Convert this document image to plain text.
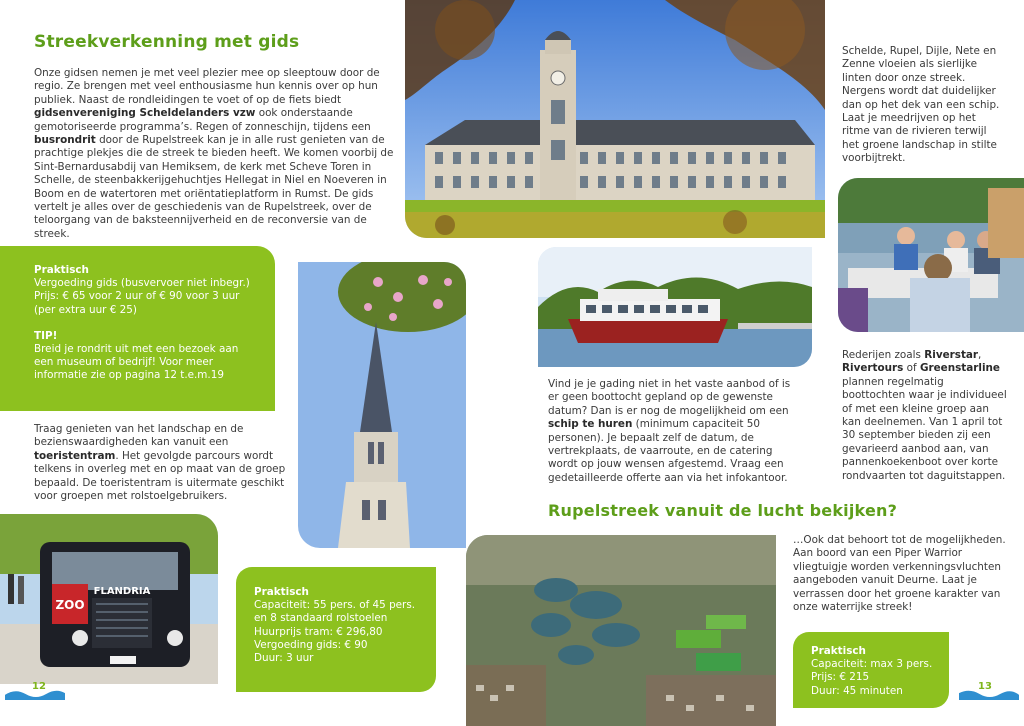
Streekverkenning met gids
Onze gidsen nemen je met veel plezier mee op sleeptouw door de regio. Ze brengen met veel enthousiasme hun kennis over op hun publiek. Naast de rondleidingen te voet of op de fiets biedt gidsenvereniging Scheldelanders vzw ook onderstaande gemotoriseerde programma’s. Regen of zonneschijn, tijdens een busrondrit door de Rupelstreek kan je in alle rust genieten van de prachtige plekjes die de streek te bieden heeft. We komen voorbij de Sint-Bernardusabdij van Hemiksem, de kerk met Scheve Toren in Schelle, de steenbakkerijgehuchtjes Hellegat in Niel en Noeveren in Boom en de watertoren met oriëntatieplatform in Rumst. De gids vertelt je alles over de geschiedenis van de Rupelstreek, over de teloorgang van de baksteennijverheid en de reconversie van de streek.
Praktisch
Vergoeding gids (busvervoer niet inbegr.)
Prijs: € 65 voor 2 uur of € 90 voor 3 uur
(per extra uur € 25)
TIP!
Breid je rondrit uit met een bezoek aan een museum of bedrijf! Voor meer informatie zie op pagina 12 t.e.m.19
Traag genieten van het landschap en de bezienswaardigheden kan vanuit een toeristentram. Het gevolgde parcours wordt telkens in overleg met en op maat van de groep bepaald. De toeristentram is uitermate geschikt voor groepen met rolstoelgebruikers.
ZOO
FLANDRIA	Praktisch
Capaciteit: 55 pers. of 45 pers.
en 8 standaard rolstoelen
Huurprijs tram: € 296,80
Vergoeding gids: € 90
Duur: 3 uur
12
Schelde, Rupel, Dijle, Nete en Zenne vloeien als sierlijke linten door onze streek. Nergens wordt dat duidelijker dan op het dek van een schip. Laat je meedrijven op het ritme van de rivieren terwijl het groene landschap in stilte voorbijtrekt.
Vind je je gading niet in het vaste aanbod of is er geen boottocht gepland op de gewenste datum? Dan is er nog de mogelijkheid om een schip te huren (minimum capaciteit 50 personen). Je bepaalt zelf de datum, de vertrekplaats, de vaarroute, en de catering wordt op jouw wensen afgestemd. Vraag een gedetailleerde offerte aan via het infokantoor.
Rederijen zoals Riverstar, Rivertours of Greenstarline plannen regelmatig boottochten waar je individueel of met een kleine groep aan kan deelnemen. Van 1 april tot 30 september bieden zij een gevarieerd aanbod aan, van pannenkoekenboot over korte rondvaarten tot daguitstappen.
Rupelstreek vanuit de lucht bekijken?
…Ook dat behoort tot de mogelijkheden. Aan boord van een Piper Warrior vliegtuigje worden verkenningsvluchten aangeboden vanuit Deurne. Laat je verrassen door het groene karakter van onze waterrijke streek!
Praktisch
Capaciteit: max 3 pers.
Prijs: € 215
Duur: 45 minuten	13
